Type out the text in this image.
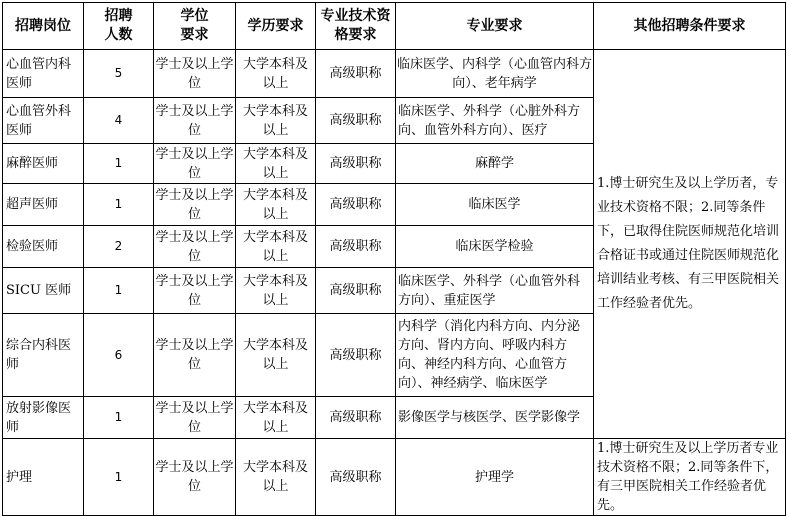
招聘岗位	招聘人数	学位要求	学历要求	专业技术资格要求	专业要求	其他招聘条件要求
心血管内科医师	5	学士及以上学位	大学本科及以上	高级职称	临床医学、内科学（心血管内科方向）、老年病学	1.博士研究生及以上学历者，专业技术资格不限；2.同等条件下，已取得住院医师规范化培训合格证书或通过住院医师规范化培训结业考核、有三甲医院相关工作经验者优先。
心血管外科医师	4	学士及以上学位	大学本科及以上	高级职称	临床医学、外科学（心脏外科方向、血管外科方向）、医疗	
麻醉医师	1	学士及以上学位	大学本科及以上	高级职称	麻醉学	
超声医师	1	学士及以上学位	大学本科及以上	高级职称	临床医学	
检验医师	2	学士及以上学位	大学本科及以上	高级职称	临床医学检验	
SICU 医师	1	学士及以上学位	大学本科及以上	高级职称	临床医学、外科学（心血管外科方向）、重症医学	
综合内科医师	6	学士及以上学位	大学本科及以上	高级职称	内科学（消化内科方向、内分泌方向、肾内方向、呼吸内科方向、神经内科方向、心血管方向）、神经病学、临床医学	
放射影像医师	1	学士及以上学位	大学本科及以上	高级职称	影像医学与核医学、医学影像学	
护理	1	学士及以上学位	大学本科及以上	高级职称	护理学	1.博士研究生及以上学历者专业技术资格不限；2.同等条件下，有三甲医院相关工作经验者优先。
